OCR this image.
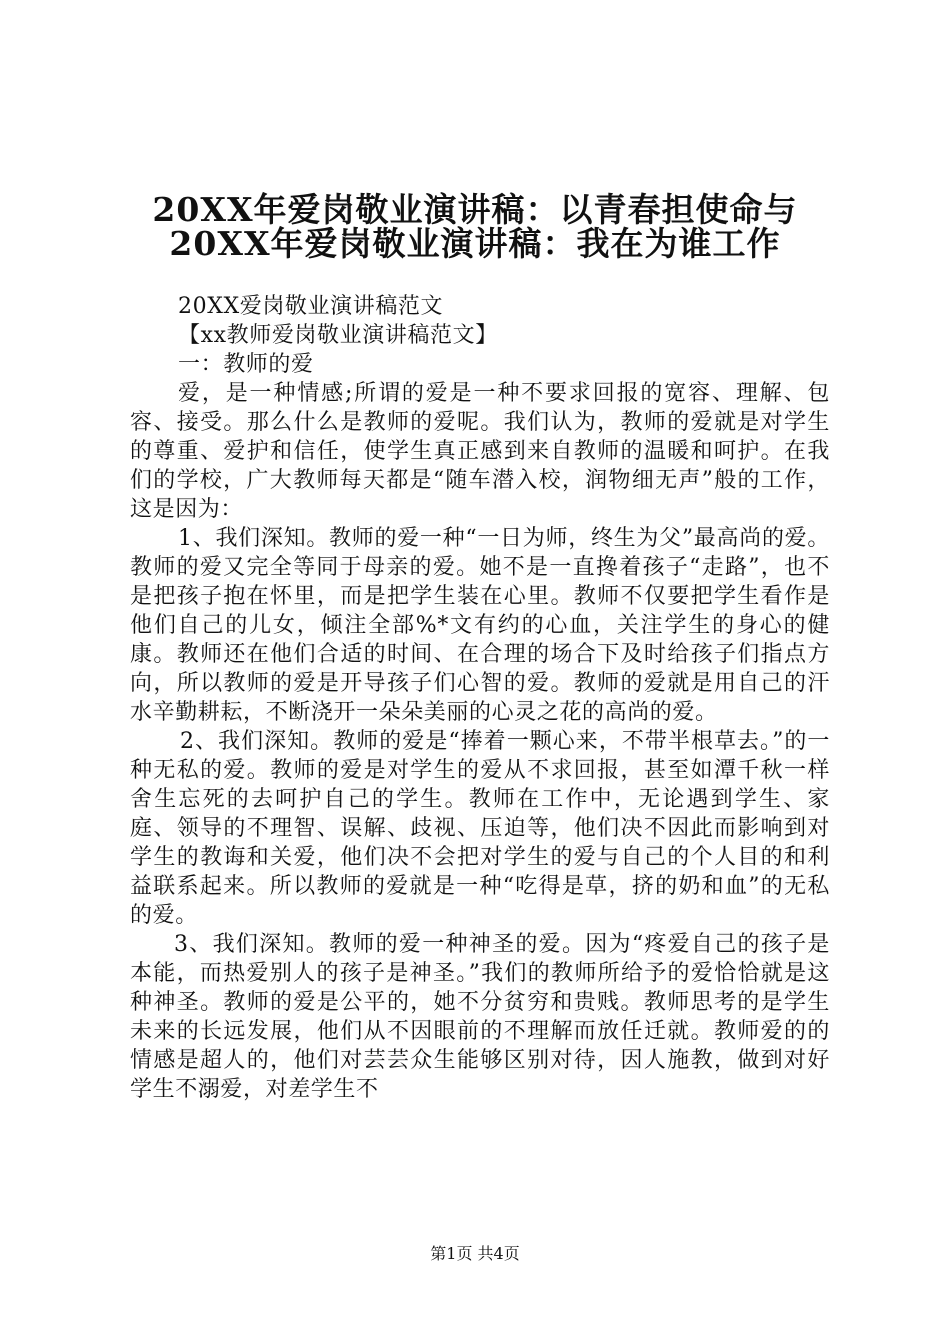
20XX年爱岗敬业演讲稿：以青春担使命与
20XX年爱岗敬业演讲稿：我在为谁工作

20XX爱岗敬业演讲稿范文

【xx教师爱岗敬业演讲稿范文】

一：教师的爱

爱，是一种情感;所谓的爱是一种不要求回报的宽容、理解、包容、接受。那么什么是教师的爱呢。我们认为，教师的爱就是对学生的尊重、爱护和信任，使学生真正感到来自教师的温暖和呵护。在我们的学校，广大教师每天都是“随车潜入校，润物细无声”般的工作，这是因为：

1、我们深知。教师的爱一种“一日为师，终生为父”最高尚的爱。教师的爱又完全等同于母亲的爱。她不是一直搀着孩子“走路”，也不是把孩子抱在怀里，而是把学生装在心里。教师不仅要把学生看作是他们自己的儿女，倾注全部%*文有约的心血，关注学生的身心的健康。教师还在他们合适的时间、在合理的场合下及时给孩子们指点方向，所以教师的爱是开导孩子们心智的爱。教师的爱就是用自己的汗水辛勤耕耘，不断浇开一朵朵美丽的心灵之花的高尚的爱。

2、我们深知。教师的爱是“捧着一颗心来，不带半根草去。”的一种无私的爱。教师的爱是对学生的爱从不求回报，甚至如潭千秋一样舍生忘死的去呵护自己的学生。教师在工作中，无论遇到学生、家庭、领导的不理智、误解、歧视、压迫等，他们决不因此而影响到对学生的教诲和关爱，他们决不会把对学生的爱与自己的个人目的和利益联系起来。所以教师的爱就是一种“吃得是草，挤的奶和血”的无私的爱。

3、我们深知。教师的爱一种神圣的爱。因为“疼爱自己的孩子是本能，而热爱别人的孩子是神圣。”我们的教师所给予的爱恰恰就是这种神圣。教师的爱是公平的，她不分贫穷和贵贱。教师思考的是学生未来的长远发展，他们从不因眼前的不理解而放任迁就。教师爱的的情感是超人的，他们对芸芸众生能够区别对待，因人施教，做到对好学生不溺爱，对差学生不

第1页 共4页
